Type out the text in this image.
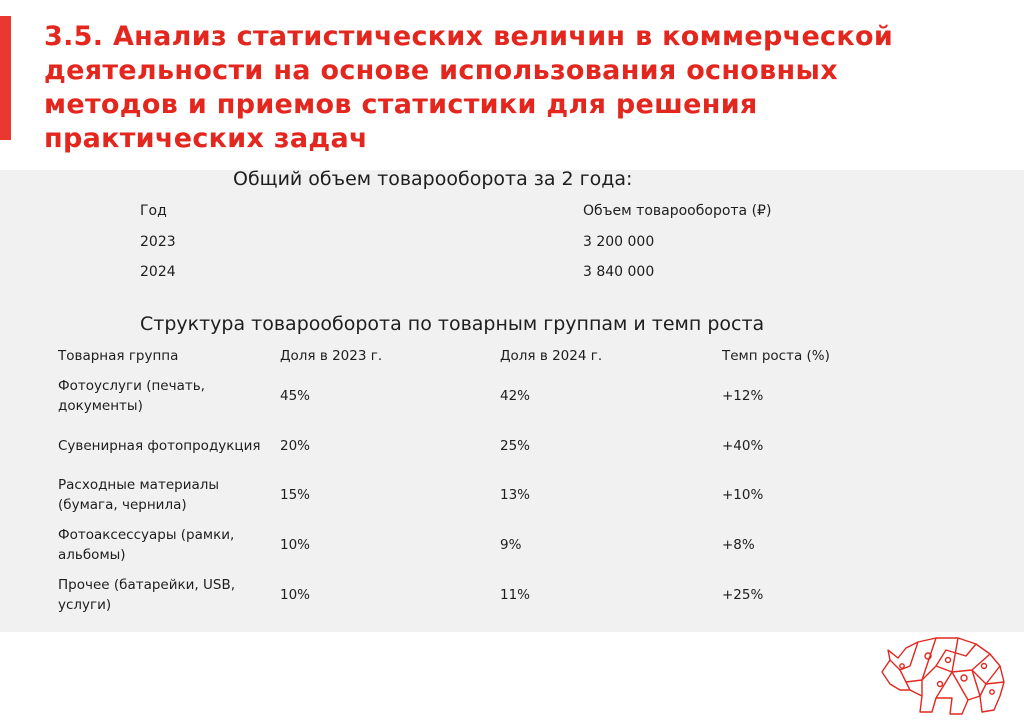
3.5. Анализ статистических величин в коммерческой
деятельности на основе использования основных
методов и приемов статистики для решения
практических задач
Общий объем товарооборота за 2 года:
Год	Объем товарооборота (₽)
2023	3 200 000
2024	3 840 000
Структура товарооборота по товарным группам и темп роста
Товарная группа	Доля в 2023 г.	Доля в 2024 г.	Темп роста (%)
Фотоуслуги (печать,
документы)
45%	42%	+12%
Сувенирная фотопродукция 20%	25%	+40%
Расходные материалы
(бумага, чернила)
15%	13%	+10%
Фотоаксессуары (рамки,
альбомы)
10%	9%	+8%
Прочее (батарейки, USB,
услуги)
10%	11%	+25%
